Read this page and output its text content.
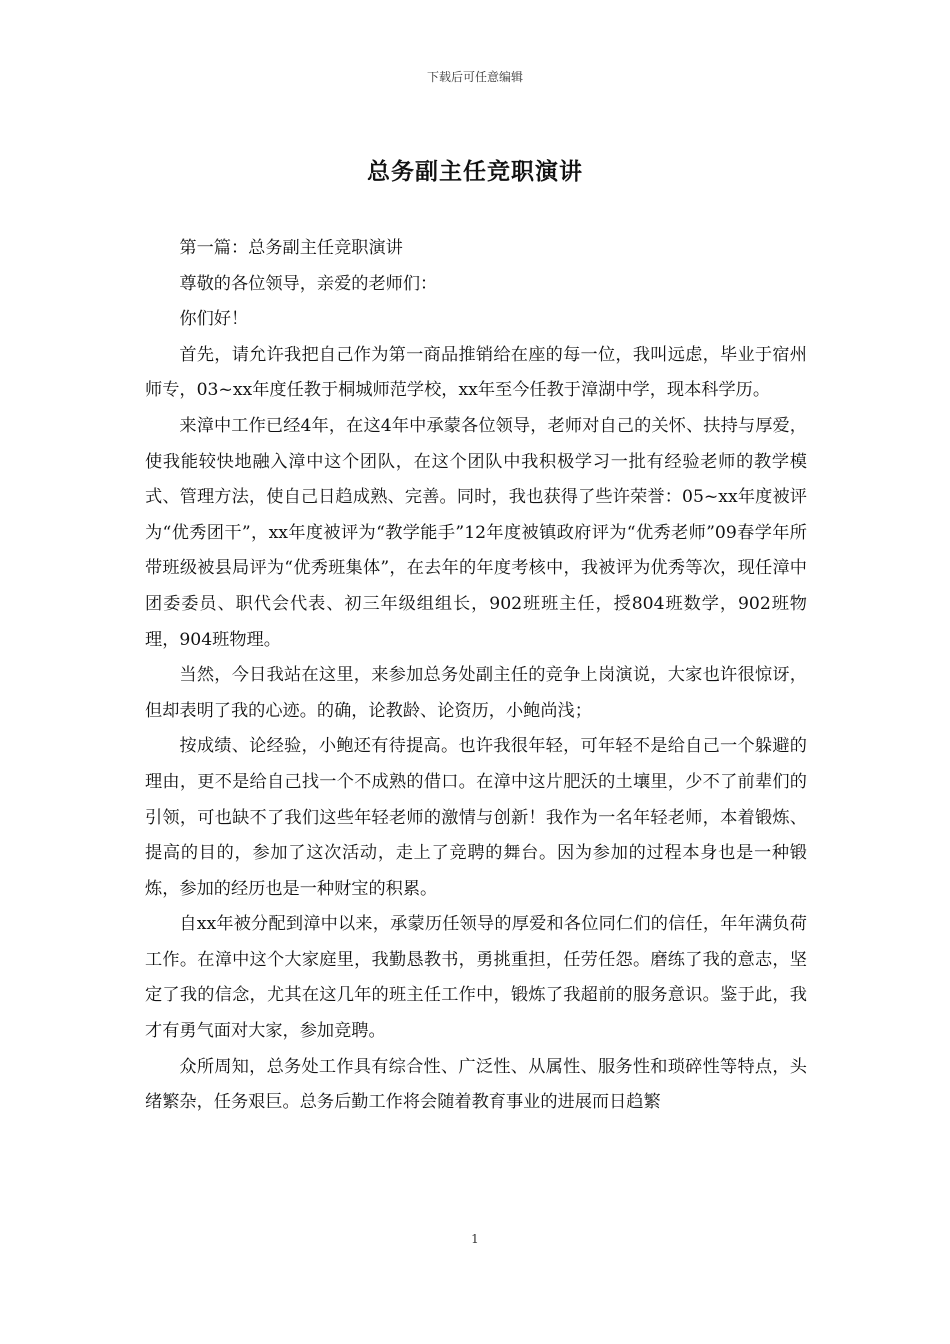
下载后可任意编辑
总务副主任竞职演讲

第一篇：总务副主任竞职演讲

尊敬的各位领导，亲爱的老师们：

你们好！

首先，请允许我把自己作为第一商品推销给在座的每一位，我叫远虑，毕业于宿州师专，03~xx年度任教于桐城师范学校，xx年至今任教于漳湖中学，现本科学历。

来漳中工作已经4年，在这4年中承蒙各位领导，老师对自己的关怀、扶持与厚爱，使我能较快地融入漳中这个团队，在这个团队中我积极学习一批有经验老师的教学模式、管理方法，使自己日趋成熟、完善。同时，我也获得了些许荣誉：05~xx年度被评为“优秀团干”，xx年度被评为“教学能手”12年度被镇政府评为“优秀老师”09春学年所带班级被县局评为“优秀班集体”，在去年的年度考核中，我被评为优秀等次，现任漳中团委委员、职代会代表、初三年级组组长，902班班主任，授804班数学，902班物理，904班物理。

当然，今日我站在这里，来参加总务处副主任的竞争上岗演说，大家也许很惊讶，但却表明了我的心迹。的确，论教龄、论资历，小鲍尚浅；

按成绩、论经验，小鲍还有待提高。也许我很年轻，可年轻不是给自己一个躲避的理由，更不是给自己找一个不成熟的借口。在漳中这片肥沃的土壤里，少不了前辈们的引领，可也缺不了我们这些年轻老师的激情与创新！我作为一名年轻老师，本着锻炼、提高的目的，参加了这次活动，走上了竞聘的舞台。因为参加的过程本身也是一种锻炼，参加的经历也是一种财宝的积累。

自xx年被分配到漳中以来，承蒙历任领导的厚爱和各位同仁们的信任，年年满负荷工作。在漳中这个大家庭里，我勤恳教书，勇挑重担，任劳任怨。磨练了我的意志，坚定了我的信念，尤其在这几年的班主任工作中，锻炼了我超前的服务意识。鉴于此，我才有勇气面对大家，参加竞聘。

众所周知，总务处工作具有综合性、广泛性、从属性、服务性和琐碎性等特点，头绪繁杂，任务艰巨。总务后勤工作将会随着教育事业的进展而日趋繁

1
